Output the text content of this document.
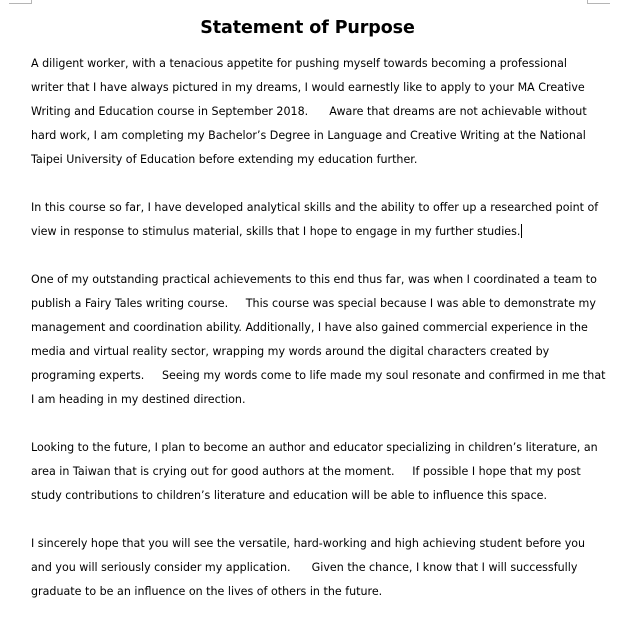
Statement of Purpose
A diligent worker, with a tenacious appetite for pushing myself towards becoming a professional
writer that I have always pictured in my dreams, I would earnestly like to apply to your MA Creative
Writing and Education course in September 2018.      Aware that dreams are not achievable without
hard work, I am completing my Bachelor’s Degree in Language and Creative Writing at the National
Taipei University of Education before extending my education further.
In this course so far, I have developed analytical skills and the ability to offer up a researched point of
view in response to stimulus material, skills that I hope to engage in my further studies.
One of my outstanding practical achievements to this end thus far, was when I coordinated a team to
publish a Fairy Tales writing course.     This course was special because I was able to demonstrate my
management and coordination ability. Additionally, I have also gained commercial experience in the
media and virtual reality sector, wrapping my words around the digital characters created by
programing experts.     Seeing my words come to life made my soul resonate and confirmed in me that
I am heading in my destined direction.
Looking to the future, I plan to become an author and educator specializing in children’s literature, an
area in Taiwan that is crying out for good authors at the moment.     If possible I hope that my post
study contributions to children’s literature and education will be able to influence this space.
I sincerely hope that you will see the versatile, hard-working and high achieving student before you
and you will seriously consider my application.      Given the chance, I know that I will successfully
graduate to be an influence on the lives of others in the future.
